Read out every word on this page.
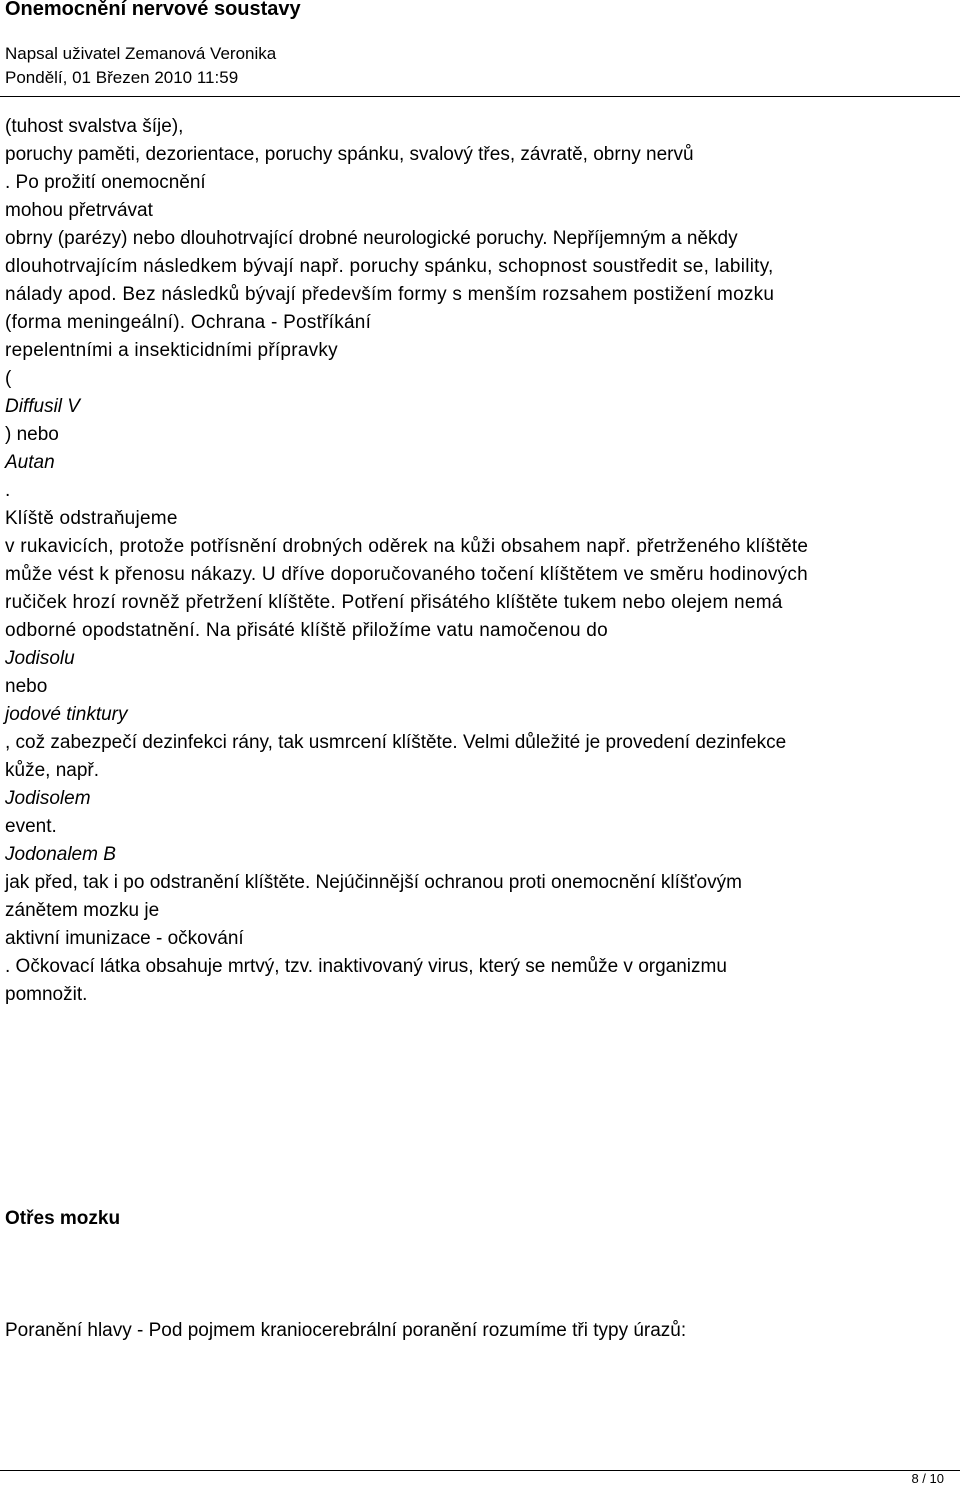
Onemocnění nervové soustavy
Napsal uživatel Zemanová Veronika
Pondělí, 01 Březen 2010 11:59
(tuhost svalstva šíje),
poruchy paměti, dezorientace, poruchy spánku, svalový třes, závratě, obrny nervů
. Po prožití onemocnění
mohou přetrvávat
obrny (parézy) nebo dlouhotrvající drobné neurologické poruchy. Nepříjemným a někdy
dlouhotrvajícím následkem bývají např. poruchy spánku, schopnost soustředit se, lability,
nálady apod. Bez následků bývají především formy s menším rozsahem postižení mozku
(forma meningeální). Ochrana - Postříkání
repelentními a insekticidními přípravky
(
Diffusil V
) nebo
Autan
.
Klíště odstraňujeme
v rukavicích, protože potřísnění drobných oděrek na kůži obsahem např. přetrženého klíštěte
může vést k přenosu nákazy. U dříve doporučovaného točení klíštětem ve směru hodinových
ručiček hrozí rovněž přetržení klíštěte. Potření přisátého klíštěte tukem nebo olejem nemá
odborné opodstatnění. Na přisáté klíště přiložíme vatu namočenou do
Jodisolu
nebo
jodové tinktury
, což zabezpečí dezinfekci rány, tak usmrcení klíštěte. Velmi důležité je provedení dezinfekce
kůže, např.
Jodisolem
event.
Jodonalem B
jak před, tak i po odstranění klíštěte. Nejúčinnější ochranou proti onemocnění klíšťovým
zánětem mozku je
aktivní imunizace - očkování
. Očkovací látka obsahuje mrtvý, tzv. inaktivovaný virus, který se nemůže v organizmu
pomnožit.
Otřes mozku
Poranění hlavy - Pod pojmem kraniocerebrální poranění rozumíme tři typy úrazů:
8 / 10
